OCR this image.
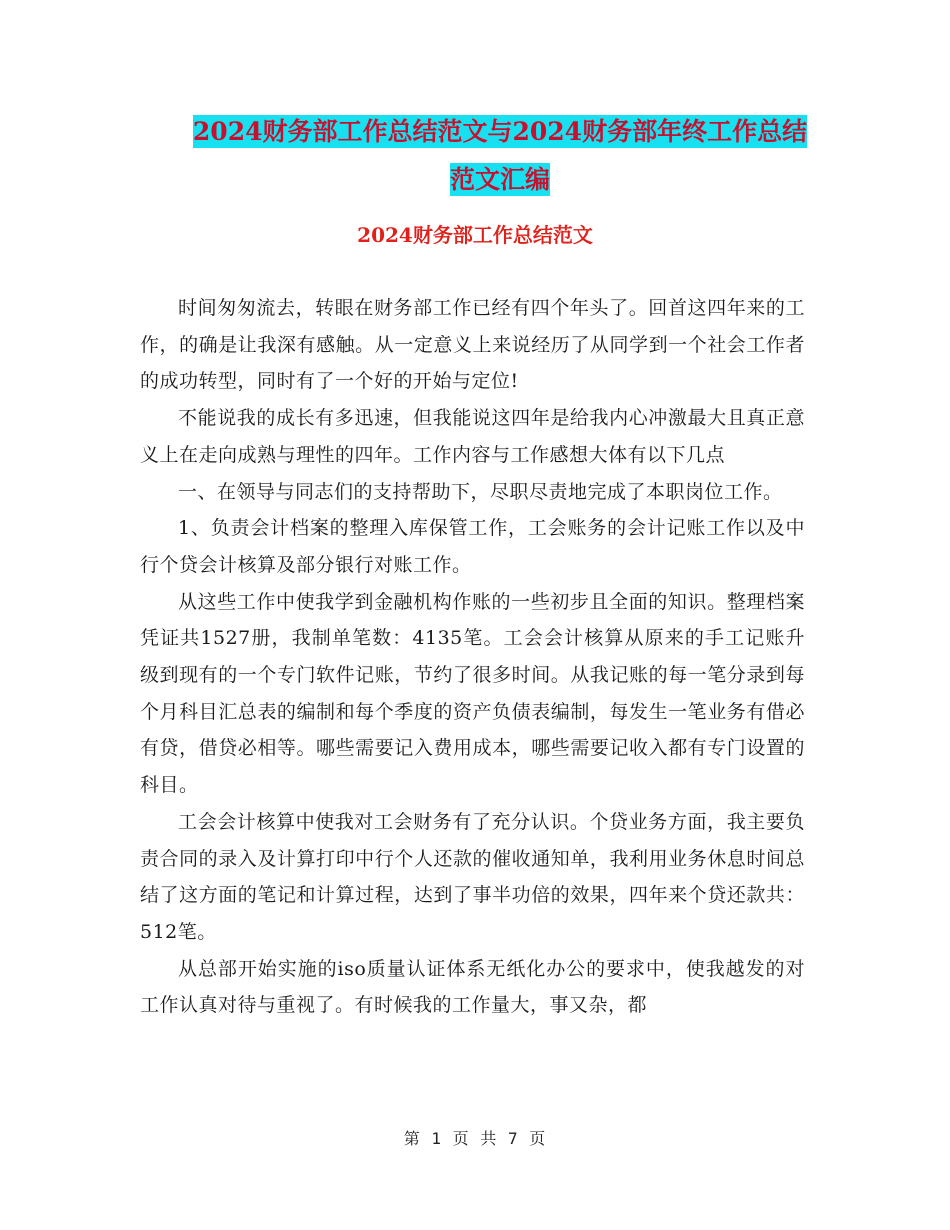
2024财务部工作总结范文与2024财务部年终工作总结
范文汇编
2024财务部工作总结范文

时间匆匆流去，转眼在财务部工作已经有四个年头了。回首这四年来的工作，的确是让我深有感触。从一定意义上来说经历了从同学到一个社会工作者的成功转型，同时有了一个好的开始与定位!

不能说我的成长有多迅速，但我能说这四年是给我内心冲激最大且真正意义上在走向成熟与理性的四年。工作内容与工作感想大体有以下几点

一、在领导与同志们的支持帮助下，尽职尽责地完成了本职岗位工作。

1、负责会计档案的整理入库保管工作，工会账务的会计记账工作以及中行个贷会计核算及部分银行对账工作。

从这些工作中使我学到金融机构作账的一些初步且全面的知识。整理档案凭证共1527册，我制单笔数：4135笔。工会会计核算从原来的手工记账升级到现有的一个专门软件记账，节约了很多时间。从我记账的每一笔分录到每个月科目汇总表的编制和每个季度的资产负债表编制，每发生一笔业务有借必有贷，借贷必相等。哪些需要记入费用成本，哪些需要记收入都有专门设置的科目。

工会会计核算中使我对工会财务有了充分认识。个贷业务方面，我主要负责合同的录入及计算打印中行个人还款的催收通知单，我利用业务休息时间总结了这方面的笔记和计算过程，达到了事半功倍的效果，四年来个贷还款共：512笔。

从总部开始实施的iso质量认证体系无纸化办公的要求中，使我越发的对工作认真对待与重视了。有时候我的工作量大，事又杂，都

第 1 页 共 7 页
